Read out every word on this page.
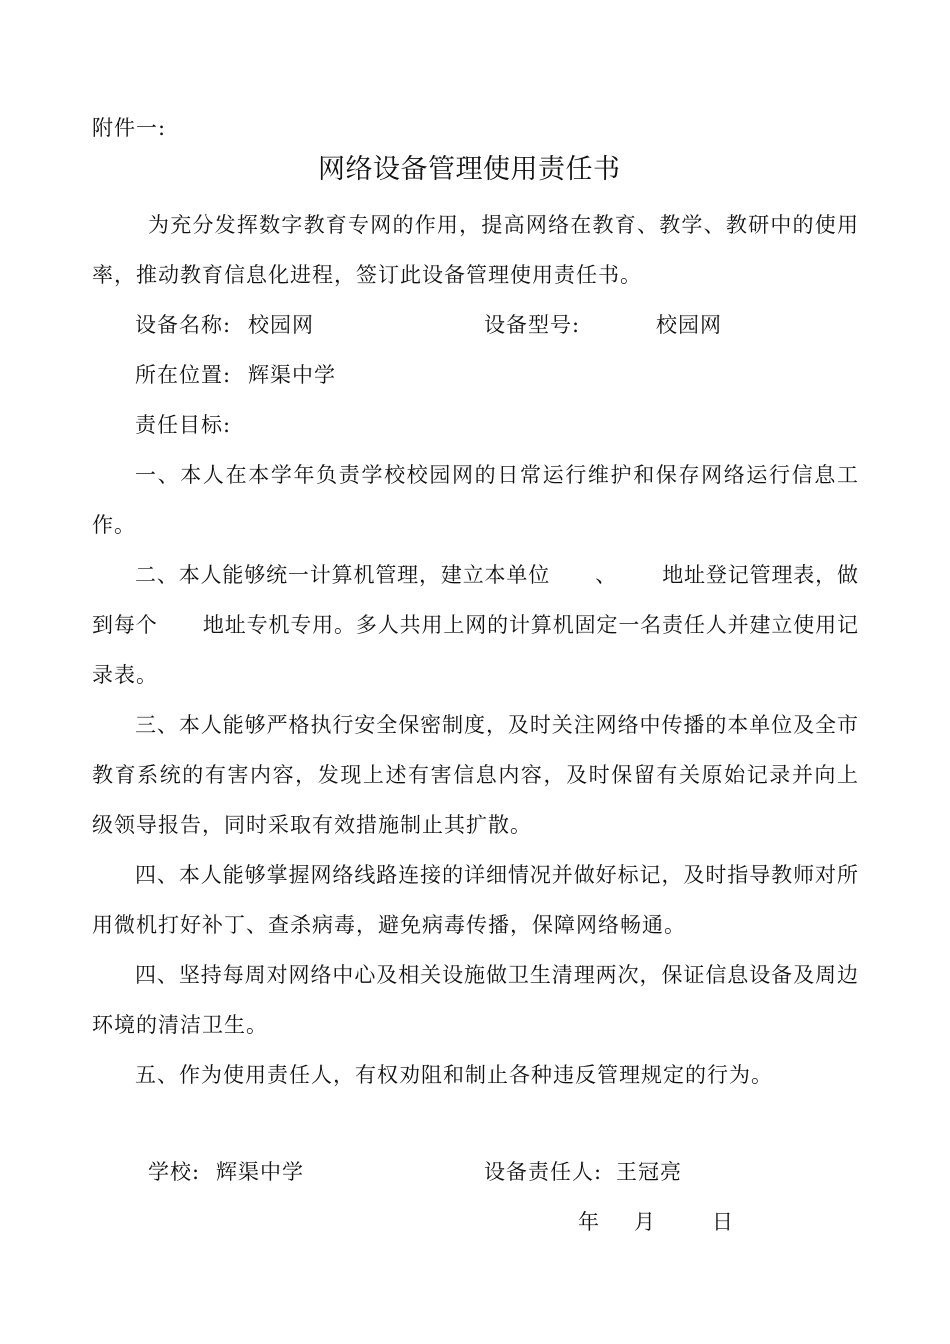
附件一:
网络设备管理使用责任书
为充分发挥数字教育专网的作用，提高网络在教育、教学、教研中的使用
率，推动教育信息化进程，签订此设备管理使用责任书。
设备名称: 校园网	设备型号:	校园网
所在位置: 辉渠中学
责任目标:
一、本人在本学年负责学校校园网的日常运行维护和保存网络运行信息工
作。
二、本人能够统一计算机管理，建立本单位      、      地址登记管理表，做
到每个      地址专机专用。多人共用上网的计算机固定一名责任人并建立使用记
录表。
三、本人能够严格执行安全保密制度，及时关注网络中传播的本单位及全市
教育系统的有害内容，发现上述有害信息内容，及时保留有关原始记录并向上
级领导报告，同时采取有效措施制止其扩散。
四、本人能够掌握网络线路连接的详细情况并做好标记，及时指导教师对所
用微机打好补丁、查杀病毒，避免病毒传播，保障网络畅通。
四、坚持每周对网络中心及相关设施做卫生清理两次，保证信息设备及周边
环境的清洁卫生。
五、作为使用责任人，有权劝阻和制止各种违反管理规定的行为。
学校: 辉渠中学	设备责任人: 王冠亮
年 月	日
